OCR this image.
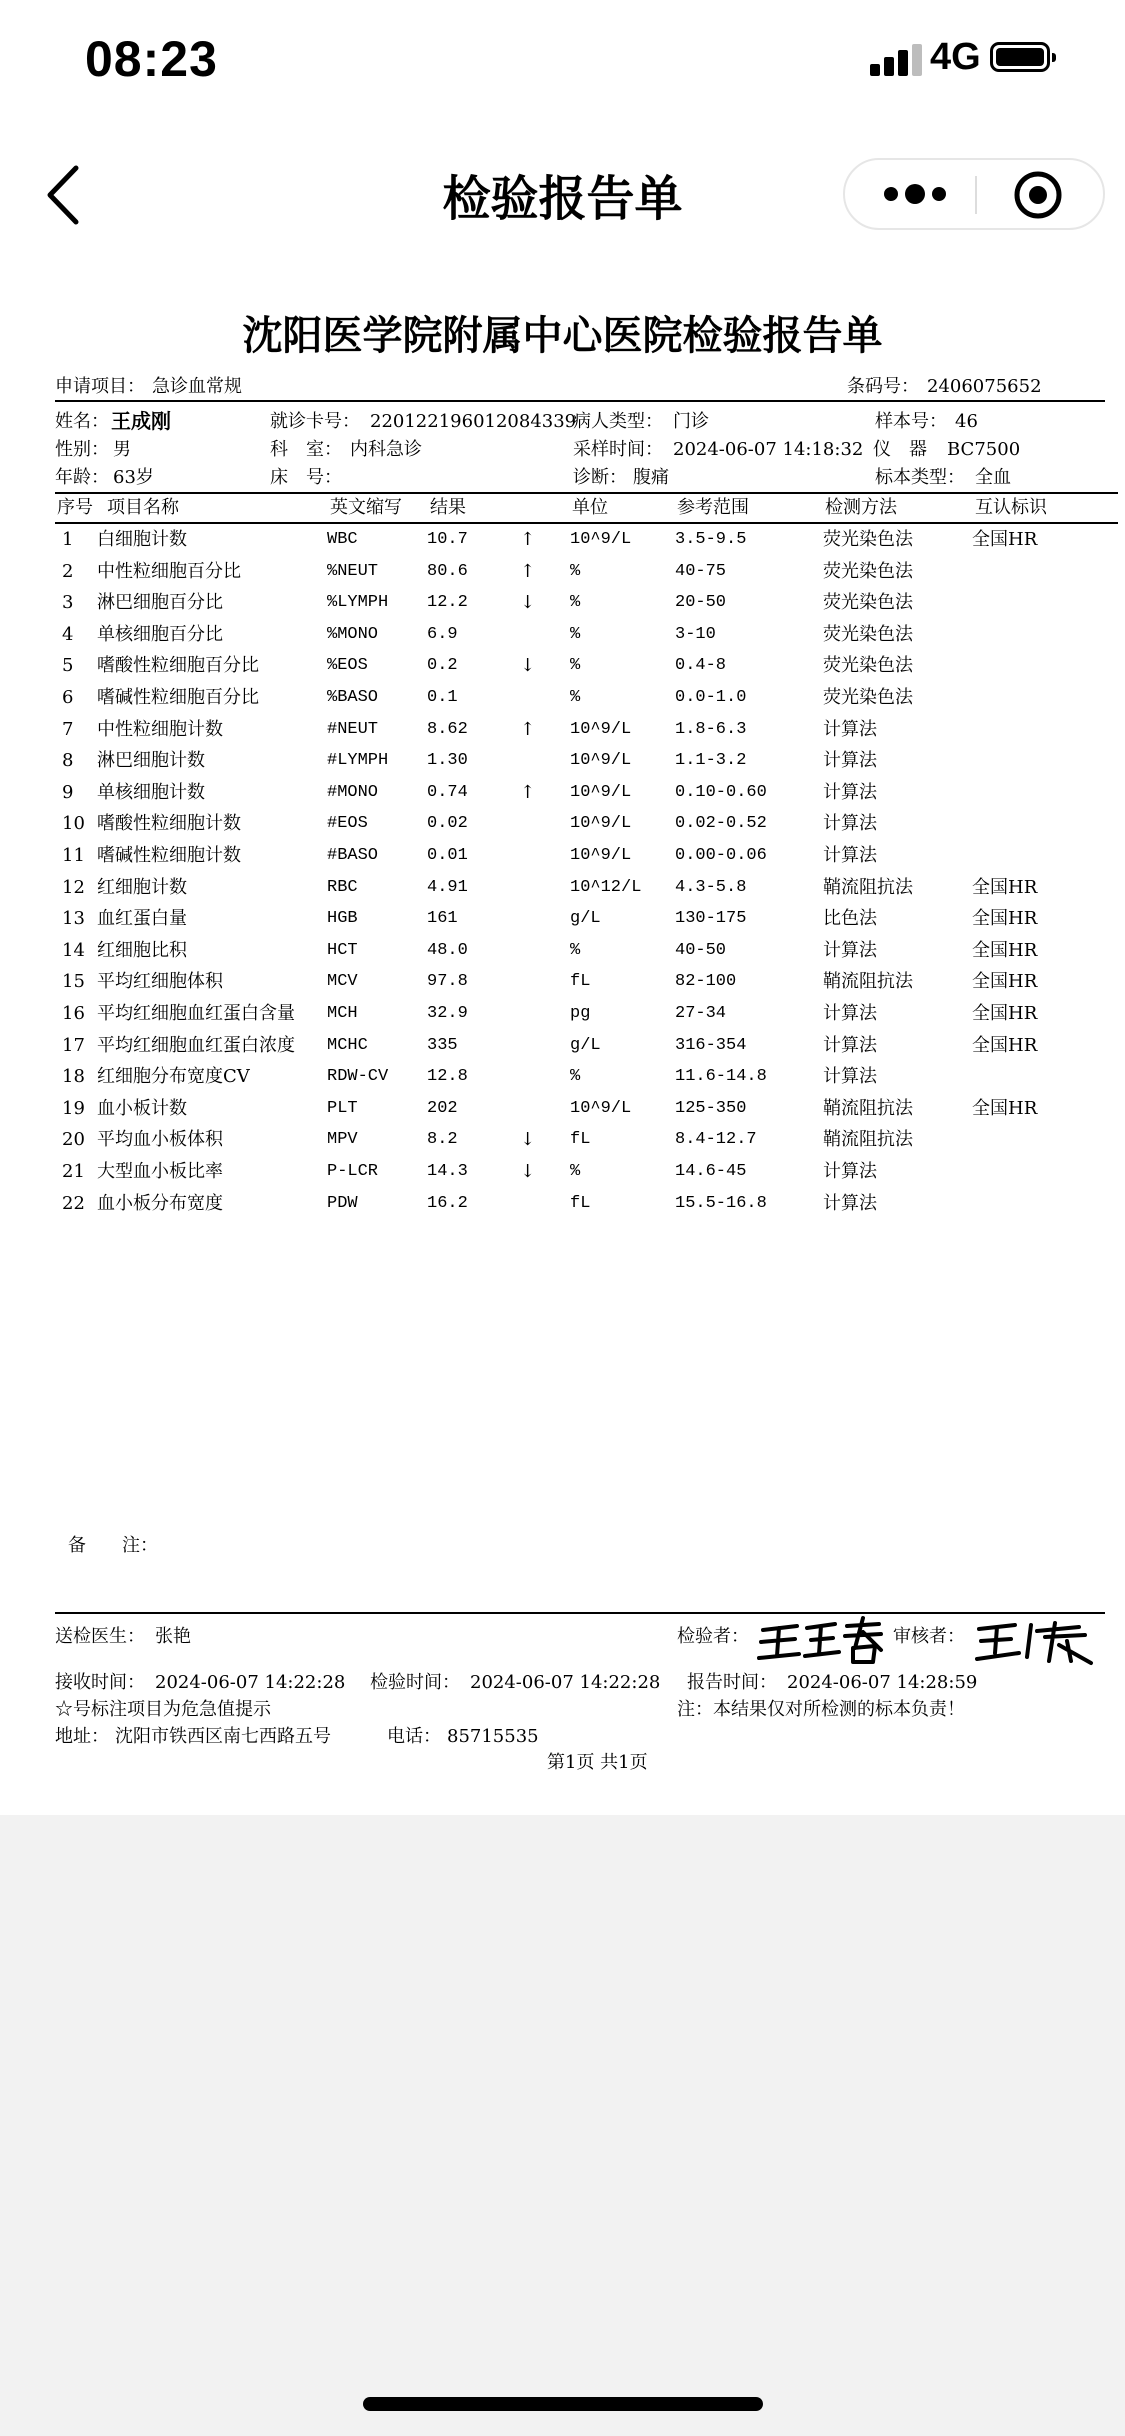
08:23	4G
检验报告单
沈阳医学院附属中心医院检验报告单
申请项目： 急诊血常规	条码号： 2406075652
姓名： 王成刚	就诊卡号： 220122196012084339
病人类型： 门诊	样本号： 46
性别： 男	科　室： 内科急诊	采样时间： 2024-06-07 14:18:32 仪　器 BC7500
年龄： 63岁	床　号：	诊断： 腹痛	标本类型： 全血
序号 项目名称	英文缩写 结果	单位	参考范围	检测方法	互认标识
1 白细胞计数	WBC	10.7	↑ 10^9/L	3.5-9.5	荧光染色法	全国HR
2 中性粒细胞百分比	%NEUT	80.6	↑ %	40-75	荧光染色法
3 淋巴细胞百分比	%LYMPH 12.2	↓ %	20-50	荧光染色法
4 单核细胞百分比	%MONO	6.9	%	3-10	荧光染色法
5 嗜酸性粒细胞百分比	%EOS	0.2	↓ %	0.4-8	荧光染色法
6 嗜碱性粒细胞百分比	%BASO	0.1	%	0.0-1.0	荧光染色法
7 中性粒细胞计数	#NEUT	8.62	↑ 10^9/L	1.8-6.3	计算法
8 淋巴细胞计数	#LYMPH 1.30	10^9/L	1.1-3.2	计算法
9 单核细胞计数	#MONO	0.74	↑ 10^9/L	0.10-0.60	计算法
10 嗜酸性粒细胞计数	#EOS	0.02	10^9/L	0.02-0.52	计算法
11 嗜碱性粒细胞计数	#BASO	0.01	10^9/L	0.00-0.06	计算法
12 红细胞计数	RBC	4.91	10^12/L 4.3-5.8	鞘流阻抗法	全国HR
13 血红蛋白量	HGB	161	g/L	130-175	比色法	全国HR
14 红细胞比积	HCT	48.0	%	40-50	计算法	全国HR
15 平均红细胞体积	MCV	97.8	fL	82-100	鞘流阻抗法	全国HR
16 平均红细胞血红蛋白含量 MCH	32.9	pg	27-34	计算法	全国HR
17 平均红细胞血红蛋白浓度 MCHC	335	g/L	316-354	计算法	全国HR
18 红细胞分布宽度CV	RDW-CV 12.8	%	11.6-14.8	计算法
19 血小板计数	PLT	202	10^9/L	125-350	鞘流阻抗法	全国HR
20 平均血小板体积	MPV	8.2	↓ fL	8.4-12.7	鞘流阻抗法
21 大型血小板比率	P-LCR	14.3	↓ %	14.6-45	计算法
22 血小板分布宽度	PDW	16.2	fL	15.5-16.8	计算法
备　　注：
送检医生： 张艳	检验者：	审核者：
接收时间： 2024-06-07 14:22:28 检验时间： 2024-06-07 14:22:28 报告时间： 2024-06-07 14:28:59
☆号标注项目为危急值提示	注：本结果仅对所检测的标本负责！
地址： 沈阳市铁西区南七西路五号	电话： 85715535
第1页 共1页
